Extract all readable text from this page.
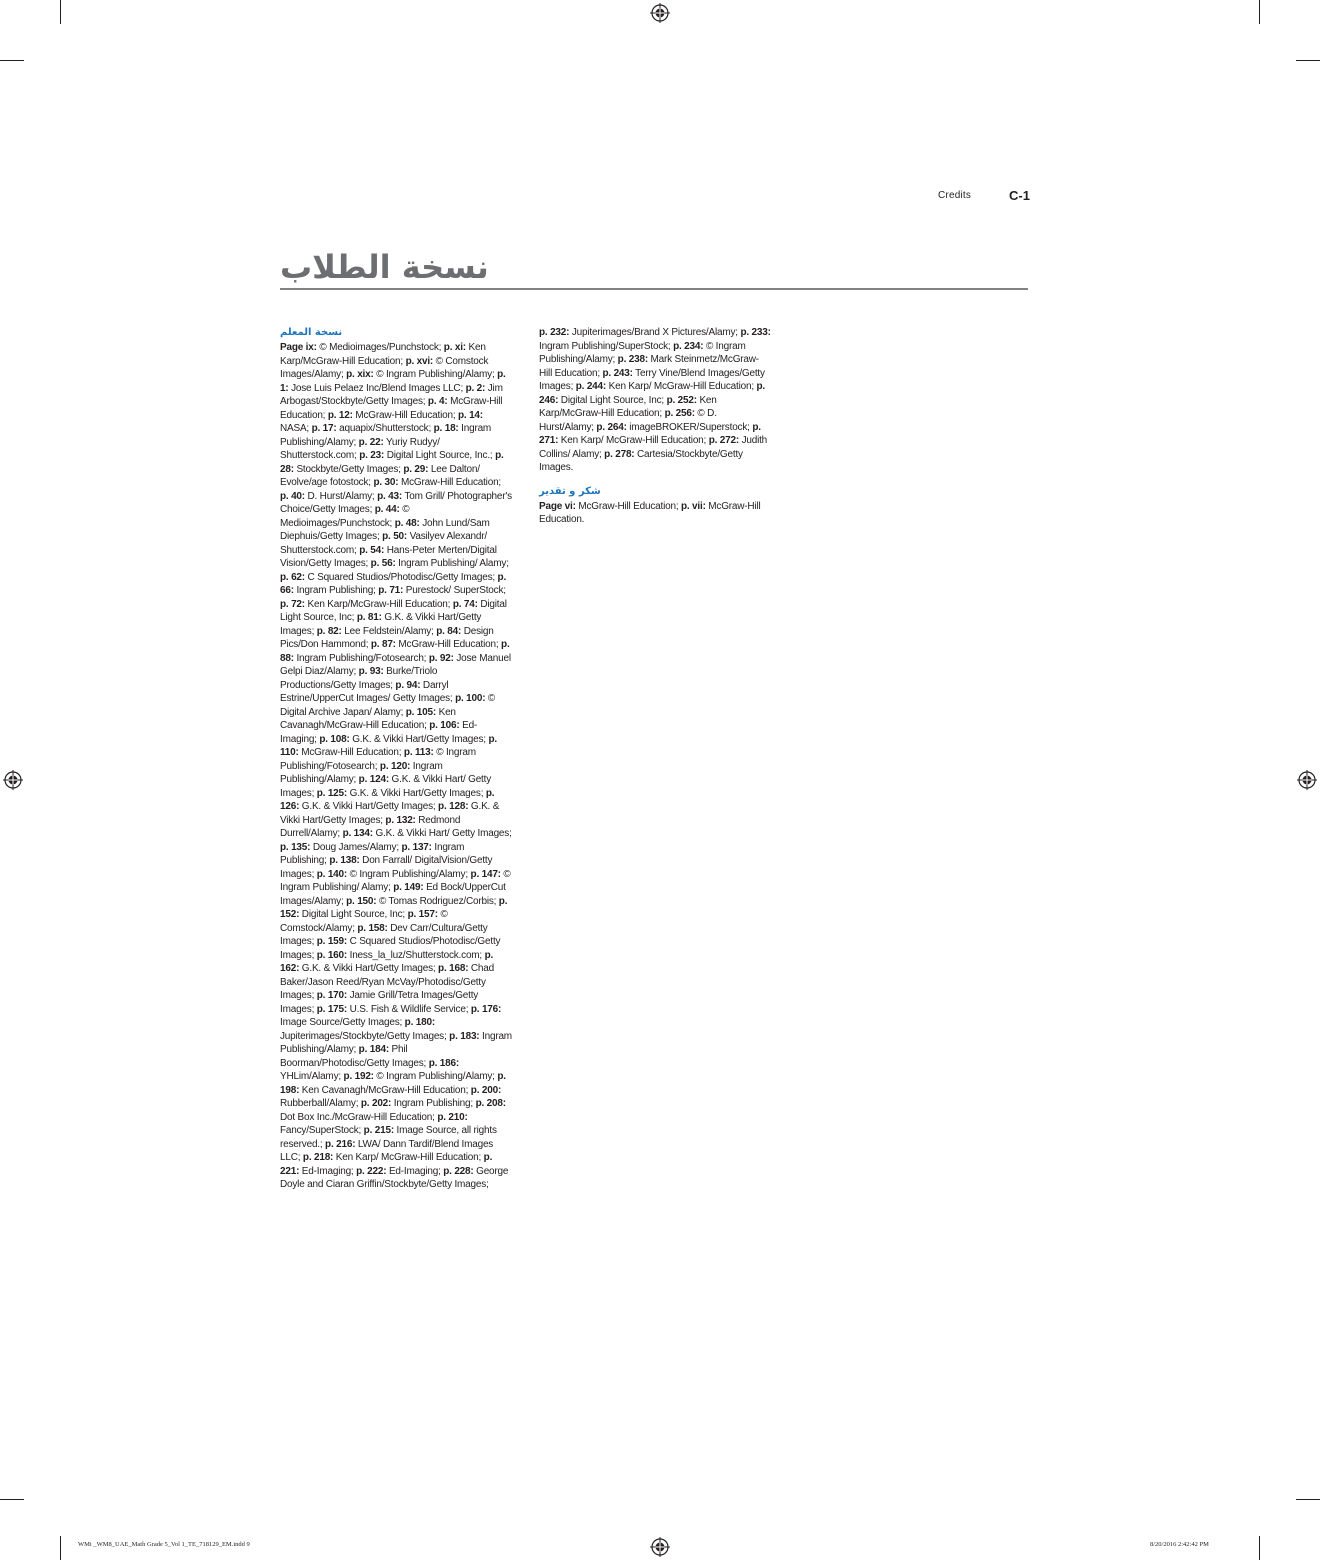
Credits	C-1
نسخة الطلاب
نسخة المعلم

Page ix: © Medioimages/Punchstock; p. xi: Ken Karp/McGraw-Hill Education; p. xvi: © Comstock Images/Alamy; p. xix: © Ingram Publishing/Alamy; p. 1: Jose Luis Pelaez Inc/Blend Images LLC; p. 2: Jim Arbogast/Stockbyte/Getty Images; p. 4: McGraw-Hill Education; p. 12: McGraw-Hill Education; p. 14: NASA; p. 17: aquapix/Shutterstock; p. 18: Ingram Publishing/Alamy; p. 22: Yuriy Rudyy/ Shutterstock.com; p. 23: Digital Light Source, Inc.; p. 28: Stockbyte/Getty Images; p. 29: Lee Dalton/ Evolve/age fotostock; p. 30: McGraw-Hill Education; p. 40: D. Hurst/Alamy; p. 43: Tom Grill/ Photographer's Choice/Getty Images; p. 44: © Medioimages/Punchstock; p. 48: John Lund/Sam Diephuis/Getty Images; p. 50: Vasilyev Alexandr/ Shutterstock.com; p. 54: Hans-Peter Merten/Digital Vision/Getty Images; p. 56: Ingram Publishing/ Alamy; p. 62: C Squared Studios/Photodisc/Getty Images; p. 66: Ingram Publishing; p. 71: Purestock/ SuperStock; p. 72: Ken Karp/McGraw-Hill Education; p. 74: Digital Light Source, Inc; p. 81: G.K. & Vikki Hart/Getty Images; p. 82: Lee Feldstein/Alamy; p. 84: Design Pics/Don Hammond; p. 87: McGraw-Hill Education; p. 88: Ingram Publishing/Fotosearch; p. 92: Jose Manuel Gelpi Diaz/Alamy; p. 93: Burke/Triolo Productions/Getty Images; p. 94: Darryl Estrine/UpperCut Images/ Getty Images; p. 100: © Digital Archive Japan/ Alamy; p. 105: Ken Cavanagh/McGraw-Hill Education; p. 106: Ed-Imaging; p. 108: G.K. & Vikki Hart/Getty Images; p. 110: McGraw-Hill Education; p. 113: © Ingram Publishing/Fotosearch; p. 120: Ingram Publishing/Alamy; p. 124: G.K. & Vikki Hart/ Getty Images; p. 125: G.K. & Vikki Hart/Getty Images; p. 126: G.K. & Vikki Hart/Getty Images; p. 128: G.K. & Vikki Hart/Getty Images; p. 132: Redmond Durrell/Alamy; p. 134: G.K. & Vikki Hart/ Getty Images; p. 135: Doug James/Alamy; p. 137: Ingram Publishing; p. 138: Don Farrall/ DigitalVision/Getty Images; p. 140: © Ingram Publishing/Alamy; p. 147: © Ingram Publishing/ Alamy; p. 149: Ed Bock/UpperCut Images/Alamy; p. 150: © Tomas Rodriguez/Corbis; p. 152: Digital Light Source, Inc; p. 157: © Comstock/Alamy; p. 158: Dev Carr/Cultura/Getty Images; p. 159: C Squared Studios/Photodisc/Getty Images; p. 160: Iness_la_luz/Shutterstock.com; p. 162: G.K. & Vikki Hart/Getty Images; p. 168: Chad Baker/Jason Reed/Ryan McVay/Photodisc/Getty Images; p. 170: Jamie Grill/Tetra Images/Getty Images; p. 175: U.S. Fish & Wildlife Service; p. 176: Image Source/Getty Images; p. 180: Jupiterimages/Stockbyte/Getty Images; p. 183: Ingram Publishing/Alamy; p. 184: Phil Boorman/Photodisc/Getty Images; p. 186: YHLim/Alamy; p. 192: © Ingram Publishing/Alamy; p. 198: Ken Cavanagh/McGraw-Hill Education; p. 200: Rubberball/Alamy; p. 202: Ingram Publishing; p. 208: Dot Box Inc./McGraw-Hill Education; p. 210: Fancy/SuperStock; p. 215: Image Source, all rights reserved.; p. 216: LWA/ Dann Tardif/Blend Images LLC; p. 218: Ken Karp/ McGraw-Hill Education; p. 221: Ed-Imaging; p. 222: Ed-Imaging; p. 228: George Doyle and Ciaran Griffin/Stockbyte/Getty Images;

p. 232: Jupiterimages/Brand X Pictures/Alamy; p. 233: Ingram Publishing/SuperStock; p. 234: © Ingram Publishing/Alamy; p. 238: Mark Steinmetz/McGraw-Hill Education; p. 243: Terry Vine/Blend Images/Getty Images; p. 244: Ken Karp/ McGraw-Hill Education; p. 246: Digital Light Source, Inc; p. 252: Ken Karp/McGraw-Hill Education; p. 256: © D. Hurst/Alamy; p. 264: imageBROKER/Superstock; p. 271: Ken Karp/ McGraw-Hill Education; p. 272: Judith Collins/ Alamy; p. 278: Cartesia/Stockbyte/Getty Images.

شكر و تقدير

Page vi: McGraw-Hill Education; p. vii: McGraw-Hill Education.

WMi _WM8_UAE_Math Grade 5_Vol 1_TE_718129_EM.indd 9	8/20/2016 2:42:42 PM
